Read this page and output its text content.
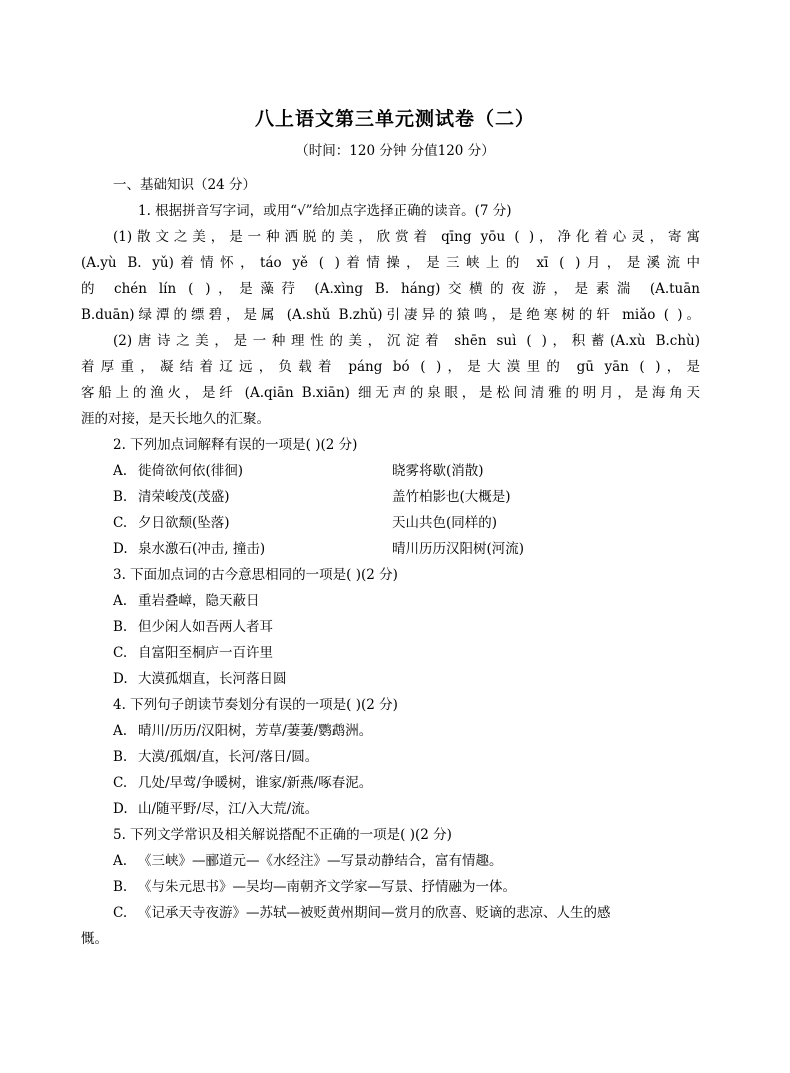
八上语文第三单元测试卷（二）
（时间：120 分钟 分值120 分）
一、基础知识（24 分）
1. 根据拼音写字词，或用“√”给加点字选择正确的读音。(7 分)
(1)散文之美，是一种洒脱的美，欣赏着 qīng yōu ( )，净化着心灵，寄寓
(A.yù B. yǔ)着情怀，táo yě ( )着情操，是三峡上的 xī ( )月，是溪流中
的 chén lín ( )，是藻荇 (A.xìng B. háng)交横的夜游，是素湍 (A.tuān
B.duān)绿潭的缥碧，是属 (A.shǔ B.zhǔ)引凄异的猿鸣，是绝寒树的轩 miǎo ( )。
(2)唐诗之美，是一种理性的美，沉淀着 shēn suì ( )，积蓄(A.xù B.chù)
着厚重，凝结着辽远，负载着 páng bó ( )，是大漠里的 gū yān ( )，是
客船上的渔火，是纤 (A.qiān B.xiān) 细无声的泉眼，是松间清雅的明月，是海角天
涯的对接，是天长地久的汇聚。
2. 下列加点词解释有误的一项是( )(2 分)
A. 徙倚欲何依(徘徊)	晓雾将歇(消散)
B. 清荣峻茂(茂盛)	盖竹柏影也(大概是)
C. 夕日欲颓(坠落)	天山共色(同样的)
D. 泉水激石(冲击, 撞击)	晴川历历汉阳树(河流)
3. 下面加点词的古今意思相同的一项是( )(2 分)
A. 重岩叠嶂，隐天蔽日
B. 但少闲人如吾两人者耳
C. 自富阳至桐庐一百许里
D. 大漠孤烟直，长河落日圆
4. 下列句子朗读节奏划分有误的一项是( )(2 分)
A. 晴川/历历/汉阳树，芳草/萋萋/鹦鹉洲。
B. 大漠/孤烟/直，长河/落日/圆。
C. 几处/早莺/争暖树，谁家/新燕/啄春泥。
D. 山/随平野/尽，江/入大荒/流。
5. 下列文学常识及相关解说搭配不正确的一项是( )(2 分)
A. 《三峡》—郦道元—《水经注》—写景动静结合，富有情趣。
B. 《与朱元思书》—吴均—南朝齐文学家—写景、抒情融为一体。
C. 《记承天寺夜游》—苏轼—被贬黄州期间—赏月的欣喜、贬谪的悲凉、人生的感
慨。
